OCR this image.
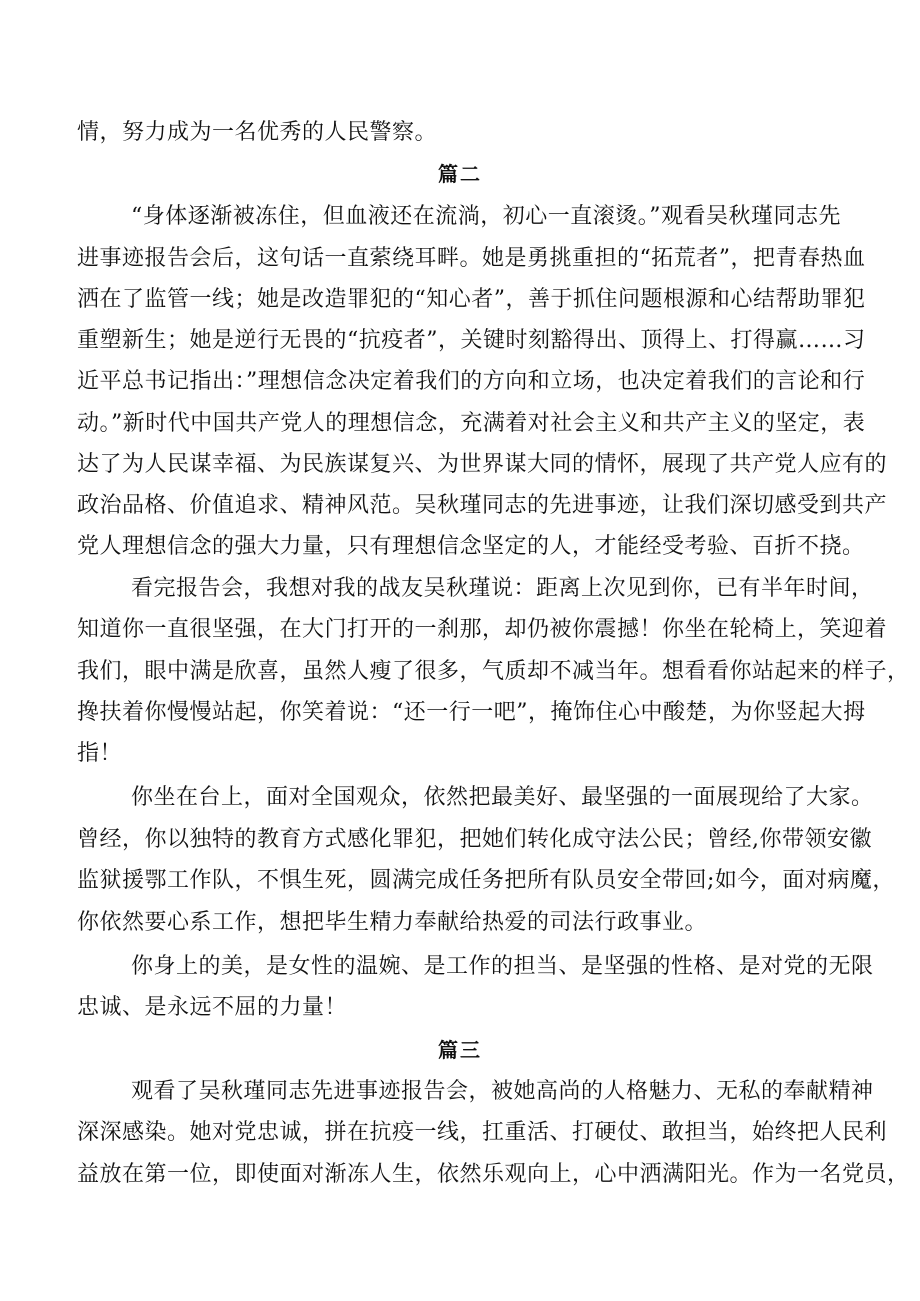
情，努力成为一名优秀的人民警察。
篇二
“身体逐渐被冻住，但血液还在流淌，初心一直滚烫。”观看吴秋瑾同志先
进事迹报告会后，这句话一直萦绕耳畔。她是勇挑重担的“拓荒者”，把青春热血
洒在了监管一线；她是改造罪犯的“知心者”，善于抓住问题根源和心结帮助罪犯
重塑新生；她是逆行无畏的“抗疫者”，关键时刻豁得出、顶得上、打得赢……习
近平总书记指出：”理想信念决定着我们的方向和立场，也决定着我们的言论和行
动。”新时代中国共产党人的理想信念，充满着对社会主义和共产主义的坚定，表
达了为人民谋幸福、为民族谋复兴、为世界谋大同的情怀，展现了共产党人应有的
政治品格、价值追求、精神风范。吴秋瑾同志的先进事迹，让我们深切感受到共产
党人理想信念的强大力量，只有理想信念坚定的人，才能经受考验、百折不挠。
看完报告会，我想对我的战友吴秋瑾说：距离上次见到你，已有半年时间，
知道你一直很坚强，在大门打开的一刹那，却仍被你震撼！你坐在轮椅上，笑迎着
我们，眼中满是欣喜，虽然人瘦了很多，气质却不减当年。想看看你站起来的样子，
搀扶着你慢慢站起，你笑着说：“还一行一吧”，掩饰住心中酸楚，为你竖起大拇
指！
你坐在台上，面对全国观众，依然把最美好、最坚强的一面展现给了大家。
曾经，你以独特的教育方式感化罪犯，把她们转化成守法公民；曾经,你带领安徽
监狱援鄂工作队，不惧生死，圆满完成任务把所有队员安全带回;如今，面对病魔，
你依然要心系工作，想把毕生精力奉献给热爱的司法行政事业。
你身上的美，是女性的温婉、是工作的担当、是坚强的性格、是对党的无限
忠诚、是永远不屈的力量！
篇三
观看了吴秋瑾同志先进事迹报告会，被她高尚的人格魅力、无私的奉献精神
深深感染。她对党忠诚，拼在抗疫一线，扛重活、打硬仗、敢担当，始终把人民利
益放在第一位，即使面对渐冻人生，依然乐观向上，心中洒满阳光。作为一名党员，
